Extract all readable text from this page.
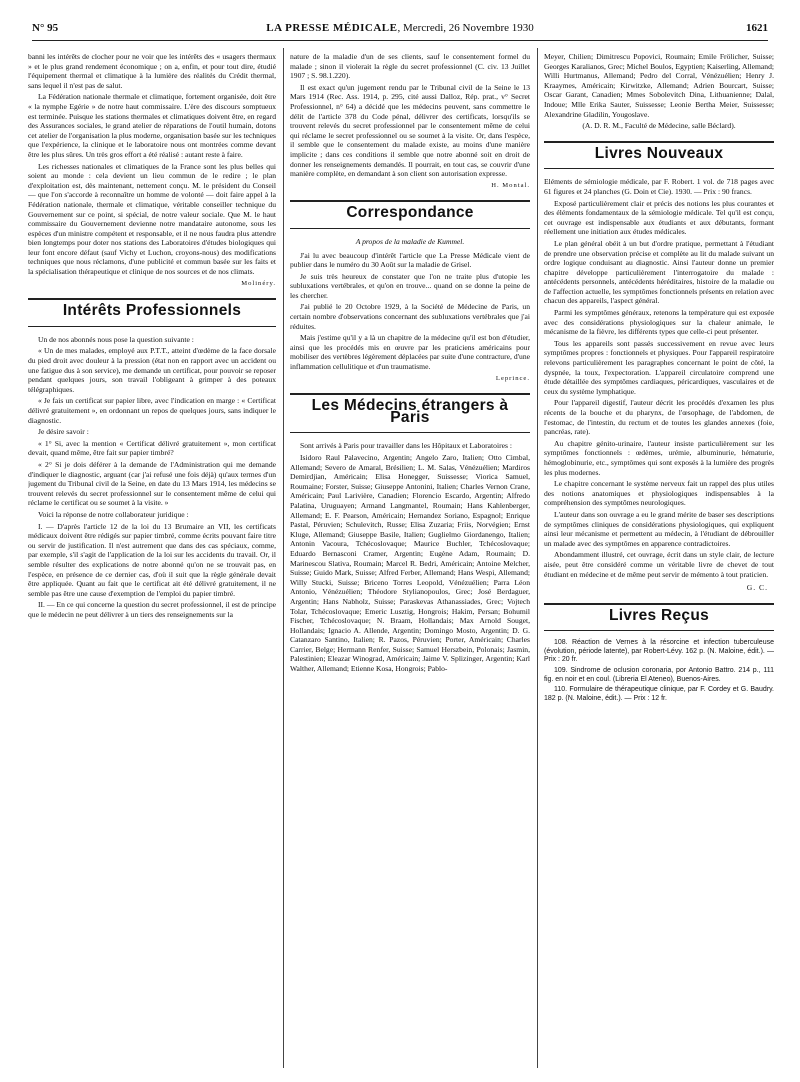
N° 95	LA PRESSE MÉDICALE, Mercredi, 26 Novembre 1930	1621

banni les intérêts de clocher pour ne voir que les intérêts des « usagers thermaux » et le plus grand rendement économique ; on a, enfin, et pour tout dire, étudié l'équipement thermal et climatique à la lumière des réalités du Crédit thermal, sans lequel il n'est pas de salut.

La Fédération nationale thermale et climatique, fortement organisée, doit être « la nymphe Egérie » de notre haut commissaire. L'ère des discours somptueux est terminée. Puisque les stations thermales et climatiques doivent être, en regard des Assurances sociales, le grand atelier de réparations de l'outil humain, dotons cet atelier de l'organisation la plus moderne, organisation basée sur les techniques que l'expérience, la clinique et le laboratoire nous ont montrées comme devant être les plus sûres. Un très gros effort a été réalisé : autant reste à faire.

Les richesses nationales et climatiques de la France sont les plus belles qui soient au monde : cela devient un lieu commun de le redire ; le plan d'exploitation est, dès maintenant, nettement conçu. M. le président du Conseil — que l'on s'accorde à reconnaître un homme de volonté — doit faire appel à la Fédération nationale, thermale et climatique, véritable conseiller technique du Gouvernement sur ce point, si spécial, de notre valeur sociale. Que M. le haut commissaire du Gouvernement devienne notre mandataire autonome, sous les espèces d'un ministre compétent et responsable, et il ne nous faudra plus attendre bien longtemps pour doter nos stations des Laboratoires d'études biologiques qui leur font encore défaut (sauf Vichy et Luchon, croyons-nous) des modifications techniques que nous réclamons, d'une publicité et commun basée sur les faits et la spécialisation thérapeutique et clinique de nos sources et de nos climats.

Molinéry.
Intérêts Professionnels

Un de nos abonnés nous pose la question suivante :

« Un de mes malades, employé aux P.T.T., atteint d'œdème de la face dorsale du pied droit avec douleur à la pression (état non en rapport avec un accident ou une fatigue dus à son service), me demande un certificat, pour pouvoir se reposer pendant quelques jours, son travail l'obligeant à grimper à des poteaux télégraphiques.

« Je fais un certificat sur papier libre, avec l'indication en marge : « Certificat délivré gratuitement », en ordonnant un repos de quelques jours, sans indiquer le diagnostic.

Je désire savoir :

« 1° Si, avec la mention « Certificat délivré gratuitement », mon certificat devait, quand même, être fait sur papier timbré?

« 2° Si je dois déférer à la demande de l'Administration qui me demande d'indiquer le diagnostic, arguant (car j'ai refusé une fois déjà) qu'aux termes d'un jugement du Tribunal civil de la Seine, en date du 13 Mars 1914, les médecins se trouvent relevés du secret professionnel sur le consentement même de celui qui réclame le certificat ou se soumet à la visite. »

Voici la réponse de notre collaborateur juridique :

I. — D'après l'article 12 de la loi du 13 Brumaire an VII, les certificats médicaux doivent être rédigés sur papier timbré, comme écrits pouvant faire titre ou servir de justification. Il n'est autrement que dans des cas spéciaux, comme, par exemple, s'il s'agit de l'application de la loi sur les accidents du travail. Or, il semble résulter des explications de notre abonné qu'on ne se trouvait pas, en l'espèce, en présence de ce dernier cas, d'où il suit que la règle générale devait être appliquée. Quant au fait que le certificat ait été délivré gratuitement, il ne semble pas être une cause d'exemption de l'emploi du papier timbré.

II. — En ce qui concerne la question du secret professionnel, il est de principe que le médecin ne peut délivrer à un tiers des renseignements sur la

nature de la maladie d'un de ses clients, sauf le consentement formel du malade ; sinon il violerait la règle du secret professionnel (C. civ. 13 Juillet 1907 ; S. 98.1.220).

Il est exact qu'un jugement rendu par le Tribunal civil de la Seine le 13 Mars 1914 (Rec. Ass. 1914, p. 295, cité aussi Dalloz, Rép. prat., v° Secret Professionnel, n° 64) a décidé que les médecins peuvent, sans commettre le délit de l'article 378 du Code pénal, délivrer des certificats, lorsqu'ils se trouvent relevés du secret professionnel par le consentement même de celui qui réclame le secret professionnel ou se soumet à la visite. Or, dans l'espèce, il semble que le consentement du malade existe, au moins d'une manière implicite ; dans ces conditions il semble que notre abonné soit en droit de donner les renseignements demandés. Il pourrait, en tout cas, se couvrir d'une manière complète, en demandant à son client son autorisation expresse.

H. Montal.
Correspondance
A propos de la maladie de Kummel.

J'ai lu avec beaucoup d'intérêt l'article que La Presse Médicale vient de publier dans le numéro du 30 Août sur la maladie de Grisel.

Je suis très heureux de constater que l'on ne traite plus d'utopie les subluxations vertébrales, et qu'on en trouve... quand on se donne la peine de les chercher.

J'ai publié le 20 Octobre 1929, à la Société de Médecine de Paris, un certain nombre d'observations concernant des subluxations vertébrales que j'ai réduites.

Mais j'estime qu'il y a là un chapitre de la médecine qu'il est bon d'étudier, ainsi que les procédés mis en œuvre par les praticiens américains pour mobiliser des vertèbres légèrement déplacées par suite d'une contracture, d'une inflammation cellulitique et d'un traumatisme.

Leprince.
Les Médecins étrangers à Paris

Sont arrivés à Paris pour travailler dans les Hôpitaux et Laboratoires :

Isidoro Raul Palavecino, Argentin; Angelo Zaro, Italien; Otto Cimbal, Allemand; Severo de Amaral, Brésilien; L. M. Salas, Vénézuélien; Mardiros Demirdjian, Américain; Elisa Honegger, Suissesse; Viorica Samuel, Roumaine; Forster, Suisse; Giuseppe Antonini, Italien; Charles Vernon Crane, Américain; Paul Larivière, Canadien; Florencio Escardo, Argentin; Alfredo Palatina, Uruguayen; Armand Langmantel, Roumain; Hans Kahlenberger, Allemand; E. F. Pearson, Américain; Hernandez Soriano, Espagnol; Enrique Pastal, Péruvien; Schulevitch, Russe; Elisa Zuzaria; Friis, Norvégien; Ernst Kluge, Allemand; Giuseppe Basile, Italien; Guglielmo Giordanengo, Italien; Antonin Vacoura, Tchécoslovaque; Maurice Buchler, Tchécoslovaque; Eduardo Bernasconi Cramer, Argentin; Eugène Adam, Roumain; D. Marinescou Slativa, Roumain; Marcel R. Bedri, Américain; Antoine Melcher, Suisse; Guido Mark, Suisse; Alfred Ferber, Allemand; Hans Wespi, Allemand; Willy Stucki, Suisse; Briceno Torres Leopold, Vénézuélien; Parra Léon Antonio, Vénézuélien; Théodore Stylianopoulos, Grec; José Berdaguer, Argentin; Hans Nabholz, Suisse; Paraskevas Athanassiades, Grec; Vojtech Tolar, Tchécoslovaque; Emeric Lusztig, Hongrois; Hakim, Persan; Bohumil Fischer, Tchécoslovaque; N. Braam, Hollandais; Max Arnold Souget, Hollandais; Ignacio A. Allende, Argentin; Domingo Mosto, Argentin; D. G. Catanzaro Santino, Italien; R. Pazos, Péruvien; Porter, Américain; Charles Carrier, Belge; Hermann Renfer, Suisse; Samuel Herszbein, Polonais; Jasmin, Palestinien; Eleazar Winograd, Américain; Jaime V. Splizinger, Argentin; Karl Walther, Allemand; Etienne Kosa, Hongrois; Pablo-

Meyer, Chilien; Dimitrescu Popovici, Roumain; Emile Frölicher, Suisse; Georges Karalianos, Grec; Michel Boulos, Egyptien; Kaiserling, Allemand; Willi Hurtmanus, Allemand; Pedro del Corral, Vénézuélien; Henry J. Kraaymes, Américain; Kirwitzke, Allemand; Adrien Bourcart, Suisse; Oscar Garant, Canadien; Mmes Sobolevitch Dina, Lithuanienne; Dalal, Indoue; Mlle Erika Sauter, Suissesse; Leonie Bertha Meier, Suissesse; Alexandrine Gladilin, Yougoslave.

(A. D. R. M., Faculté de Médecine, salle Béclard).
Livres Nouveaux

Eléments de sémiologie médicale, par F. Robert. 1 vol. de 718 pages avec 61 figures et 24 planches (G. Doin et Cie). 1930. — Prix : 90 francs.

Exposé particulièrement clair et précis des notions les plus courantes et des éléments fondamentaux de la sémiologie médicale. Tel qu'il est conçu, cet ouvrage est indispensable aux étudiants et aux débutants, formant réellement une initiation aux études médicales.

Le plan général obéit à un but d'ordre pratique, permettant à l'étudiant de prendre une observation précise et complète au lit du malade suivant un ordre logique conduisant au diagnostic. Ainsi l'auteur donne un premier chapitre développe particulièrement l'interrogatoire du malade : antécédents personnels, antécédents héréditaires, histoire de la maladie ou de l'affection actuelle, les symptômes fonctionnels présents en relation avec chacun des appareils, l'aspect général.

Parmi les symptômes généraux, retenons la température qui est exposée avec des considérations physiologiques sur la chaleur animale, le mécanisme de la fièvre, les différents types que celle-ci peut présenter.

Tous les appareils sont passés successivement en revue avec leurs symptômes propres : fonctionnels et physiques. Pour l'appareil respiratoire relevons particulièrement les paragraphes concernant le point de côté, la dyspnée, la toux, l'expectoration. L'appareil circulatoire comprend une étude détaillée des symptômes cardiaques, péricardiques, vasculaires et de ceux du système lymphatique.

Pour l'appareil digestif, l'auteur décrit les procédés d'examen les plus récents de la bouche et du pharynx, de l'œsophage, de l'abdomen, de l'estomac, de l'intestin, du rectum et de toutes les glandes annexes (foie, pancréas, rate).

Au chapitre génito-urinaire, l'auteur insiste particulièrement sur les symptômes fonctionnels : œdèmes, urémie, albuminurie, hématurie, hémoglobinurie, etc., symptômes qui sont exposés à la lumière des progrès les plus modernes.

Le chapitre concernant le système nerveux fait un rappel des plus utiles des notions anatomiques et physiologiques indispensables à la compréhension des symptômes neurologiques.

L'auteur dans son ouvrage a eu le grand mérite de baser ses descriptions de symptômes cliniques de considérations physiologiques, qui expliquent ainsi leur mécanisme et permettent au médecin, à l'étudiant de débrouiller un malade avec des symptômes en apparence contradictoires.

Abondamment illustré, cet ouvrage, écrit dans un style clair, de lecture aisée, peut être considéré comme un véritable livre de chevet de tout étudiant en médecine et de même peut servir de mémento à tout praticien.

G. C.
Livres Reçus

108. Réaction de Vernes à la résorcine et infection tuberculeuse (évolution, période latente), par Robert-Lévy. 162 p. (N. Maloine, édit.). — Prix : 20 fr.

109. Sindrome de oclusion coronaria, por Antonio Battro. 214 p., 111 fig. en noir et en coul. (Libreria El Ateneo), Buenos-Aires.

110. Formulaire de thérapeutique clinique, par F. Cordey et G. Baudry. 182 p. (N. Maloine, édit.). — Prix : 12 fr.
